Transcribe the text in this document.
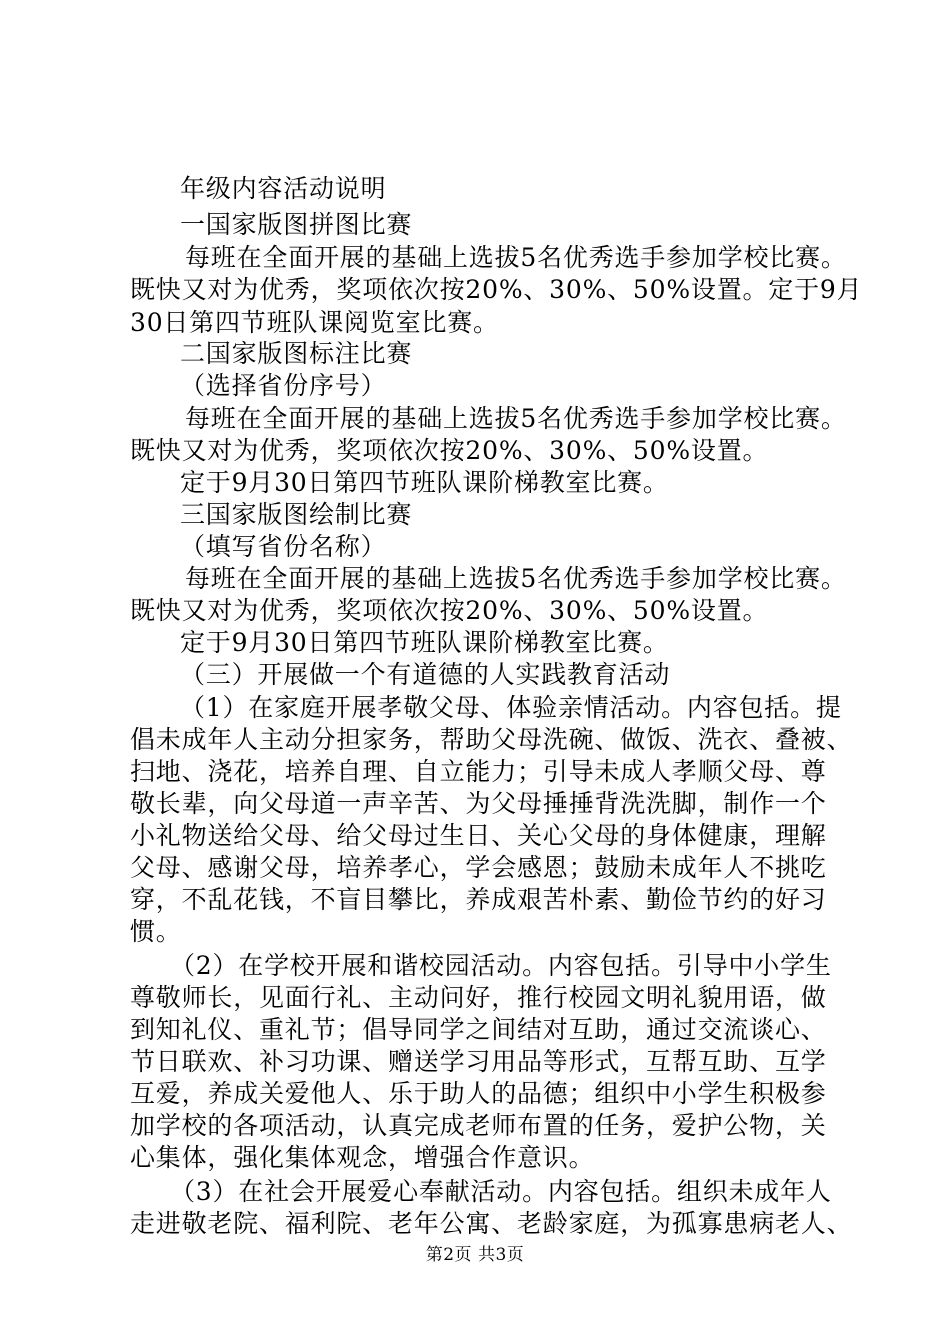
年级内容活动说明
一国家版图拼图比赛
每班在全面开展的基础上选拔5名优秀选手参加学校比赛。
既快又对为优秀，奖项依次按20%、30%、50%设置。定于9月
30日第四节班队课阅览室比赛。
二国家版图标注比赛
（选择省份序号）
每班在全面开展的基础上选拔5名优秀选手参加学校比赛。
既快又对为优秀，奖项依次按20%、30%、50%设置。
定于9月30日第四节班队课阶梯教室比赛。
三国家版图绘制比赛
（填写省份名称）
每班在全面开展的基础上选拔5名优秀选手参加学校比赛。
既快又对为优秀，奖项依次按20%、30%、50%设置。
定于9月30日第四节班队课阶梯教室比赛。
（三）开展做一个有道德的人实践教育活动
（1）在家庭开展孝敬父母、体验亲情活动。内容包括。提
倡未成年人主动分担家务，帮助父母洗碗、做饭、洗衣、叠被、
扫地、浇花，培养自理、自立能力；引导未成人孝顺父母、尊
敬长辈，向父母道一声辛苦、为父母捶捶背洗洗脚，制作一个
小礼物送给父母、给父母过生日、关心父母的身体健康，理解
父母、感谢父母，培养孝心，学会感恩；鼓励未成年人不挑吃
穿，不乱花钱，不盲目攀比，养成艰苦朴素、勤俭节约的好习
惯。
（2）在学校开展和谐校园活动。内容包括。引导中小学生
尊敬师长，见面行礼、主动问好，推行校园文明礼貌用语，做
到知礼仪、重礼节；倡导同学之间结对互助，通过交流谈心、
节日联欢、补习功课、赠送学习用品等形式，互帮互助、互学
互爱，养成关爱他人、乐于助人的品德；组织中小学生积极参
加学校的各项活动，认真完成老师布置的任务，爱护公物，关
心集体，强化集体观念，增强合作意识。
（3）在社会开展爱心奉献活动。内容包括。组织未成年人
走进敬老院、福利院、老年公寓、老龄家庭，为孤寡患病老人、
第2页 共3页
